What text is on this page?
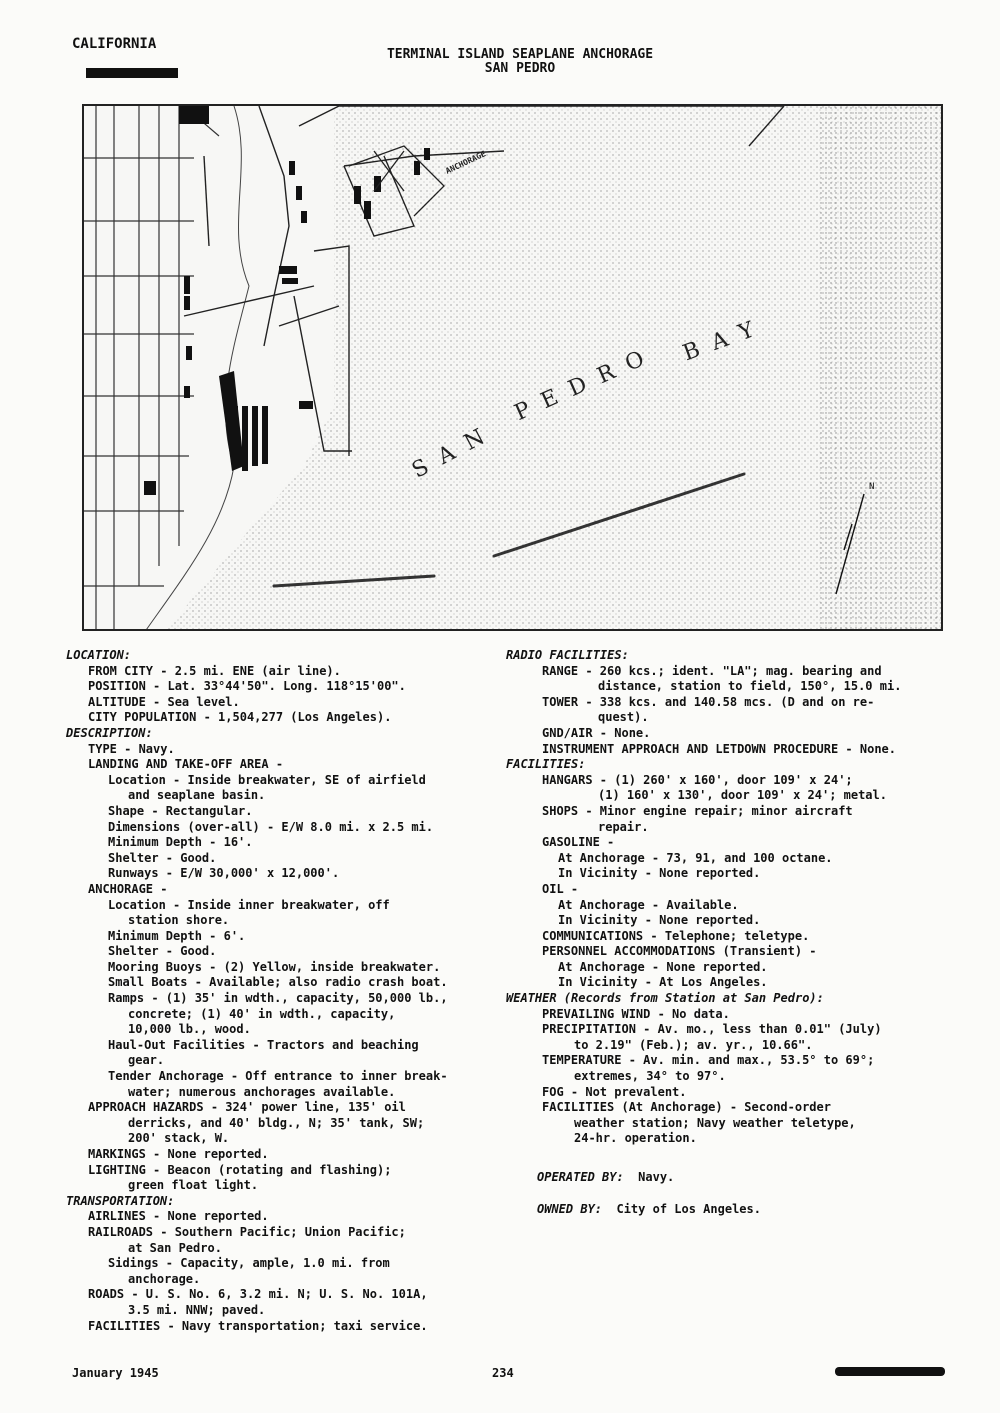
CALIFORNIA
TERMINAL ISLAND SEAPLANE ANCHORAGE
SAN PEDRO
ANCHORAGE
SAN
PEDRO
BAY
N
LOCATION:
FROM CITY - 2.5 mi. ENE (air line).
POSITION - Lat. 33°44'50". Long. 118°15'00".
ALTITUDE - Sea level.
CITY POPULATION - 1,504,277 (Los Angeles).
DESCRIPTION:
TYPE - Navy.
LANDING AND TAKE-OFF AREA -
Location - Inside breakwater, SE of airfield
and seaplane basin.
Shape - Rectangular.
Dimensions (over-all) - E/W 8.0 mi. x 2.5 mi.
Minimum Depth - 16'.
Shelter - Good.
Runways - E/W 30,000' x 12,000'.
ANCHORAGE -
Location - Inside inner breakwater, off
station shore.
Minimum Depth - 6'.
Shelter - Good.
Mooring Buoys - (2) Yellow, inside breakwater.
Small Boats - Available; also radio crash boat.
Ramps - (1) 35' in wdth., capacity, 50,000 lb.,
concrete; (1) 40' in wdth., capacity,
10,000 lb., wood.
Haul-Out Facilities - Tractors and beaching
gear.
Tender Anchorage - Off entrance to inner break-
water; numerous anchorages available.
APPROACH HAZARDS - 324' power line, 135' oil
derricks, and 40' bldg., N; 35' tank, SW;
200' stack, W.
MARKINGS - None reported.
LIGHTING - Beacon (rotating and flashing);
green float light.
TRANSPORTATION:
AIRLINES - None reported.
RAILROADS - Southern Pacific; Union Pacific;
at San Pedro.
Sidings - Capacity, ample, 1.0 mi. from
anchorage.
ROADS - U. S. No. 6, 3.2 mi. N; U. S. No. 101A,
3.5 mi. NNW; paved.
FACILITIES - Navy transportation; taxi service.
RADIO FACILITIES:
RANGE - 260 kcs.; ident. "LA"; mag. bearing and
distance, station to field, 150°, 15.0 mi.
TOWER - 338 kcs. and 140.58 mcs. (D and on re-
quest).
GND/AIR - None.
INSTRUMENT APPROACH AND LETDOWN PROCEDURE - None.
FACILITIES:
HANGARS - (1) 260' x 160', door 109' x 24';
(1) 160' x 130', door 109' x 24'; metal.
SHOPS - Minor engine repair; minor aircraft
repair.
GASOLINE -
At Anchorage - 73, 91, and 100 octane.
In Vicinity - None reported.
OIL -
At Anchorage - Available.
In Vicinity - None reported.
COMMUNICATIONS - Telephone; teletype.
PERSONNEL ACCOMMODATIONS (Transient) -
At Anchorage - None reported.
In Vicinity - At Los Angeles.
WEATHER (Records from Station at San Pedro):
PREVAILING WIND - No data.
PRECIPITATION - Av. mo., less than 0.01" (July)
to 2.19" (Feb.); av. yr., 10.66".
TEMPERATURE - Av. min. and max., 53.5° to 69°;
extremes, 34° to 97°.
FOG - Not prevalent.
FACILITIES (At Anchorage) - Second-order
weather station; Navy weather teletype,
24-hr. operation.
OPERATED BY: Navy.
OWNED BY: City of Los Angeles.
January 1945	234
